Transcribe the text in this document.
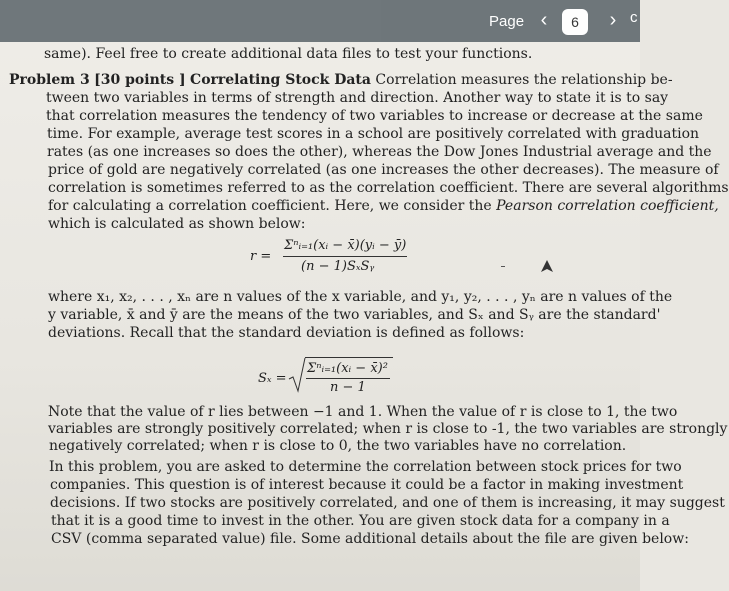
Page ‹	6	› c
same). Feel free to create additional data files to test your functions.
Problem 3 [30 points ] Correlating Stock Data Correlation measures the relationship be-
tween two variables in terms of strength and direction. Another way to state it is to say
that correlation measures the tendency of two variables to increase or decrease at the same
time. For example, average test scores in a school are positively correlated with graduation
rates (as one increases so does the other), whereas the Dow Jones Industrial average and the
price of gold are negatively correlated (as one increases the other decreases). The measure of
correlation is sometimes referred to as the correlation coefficient. There are several algorithms
for calculating a correlation coefficient. Here, we consider the Pearson correlation coefficient,
which is calculated as shown below:
r =
Σⁿᵢ₌₁(xᵢ − x̄)(yᵢ − ȳ)
(n − 1)SₓSᵧ
where x₁, x₂, . . . , xₙ are n values of the x variable, and y₁, y₂, . . . , yₙ are n values of the
y variable, x̄ and ȳ are the means of the two variables, and Sₓ and Sᵧ are the standard'
deviations. Recall that the standard deviation is defined as follows:
Sₓ =
Σⁿᵢ₌₁(xᵢ − x̄)²
n − 1
Note that the value of r lies between −1 and 1. When the value of r is close to 1, the two
variables are strongly positively correlated; when r is close to -1, the two variables are strongly
negatively correlated; when r is close to 0, the two variables have no correlation.
In this problem, you are asked to determine the correlation between stock prices for two
companies. This question is of interest because it could be a factor in making investment
decisions. If two stocks are positively correlated, and one of them is increasing, it may suggest
that it is a good time to invest in the other. You are given stock data for a company in a
CSV (comma separated value) file. Some additional details about the file are given below:
